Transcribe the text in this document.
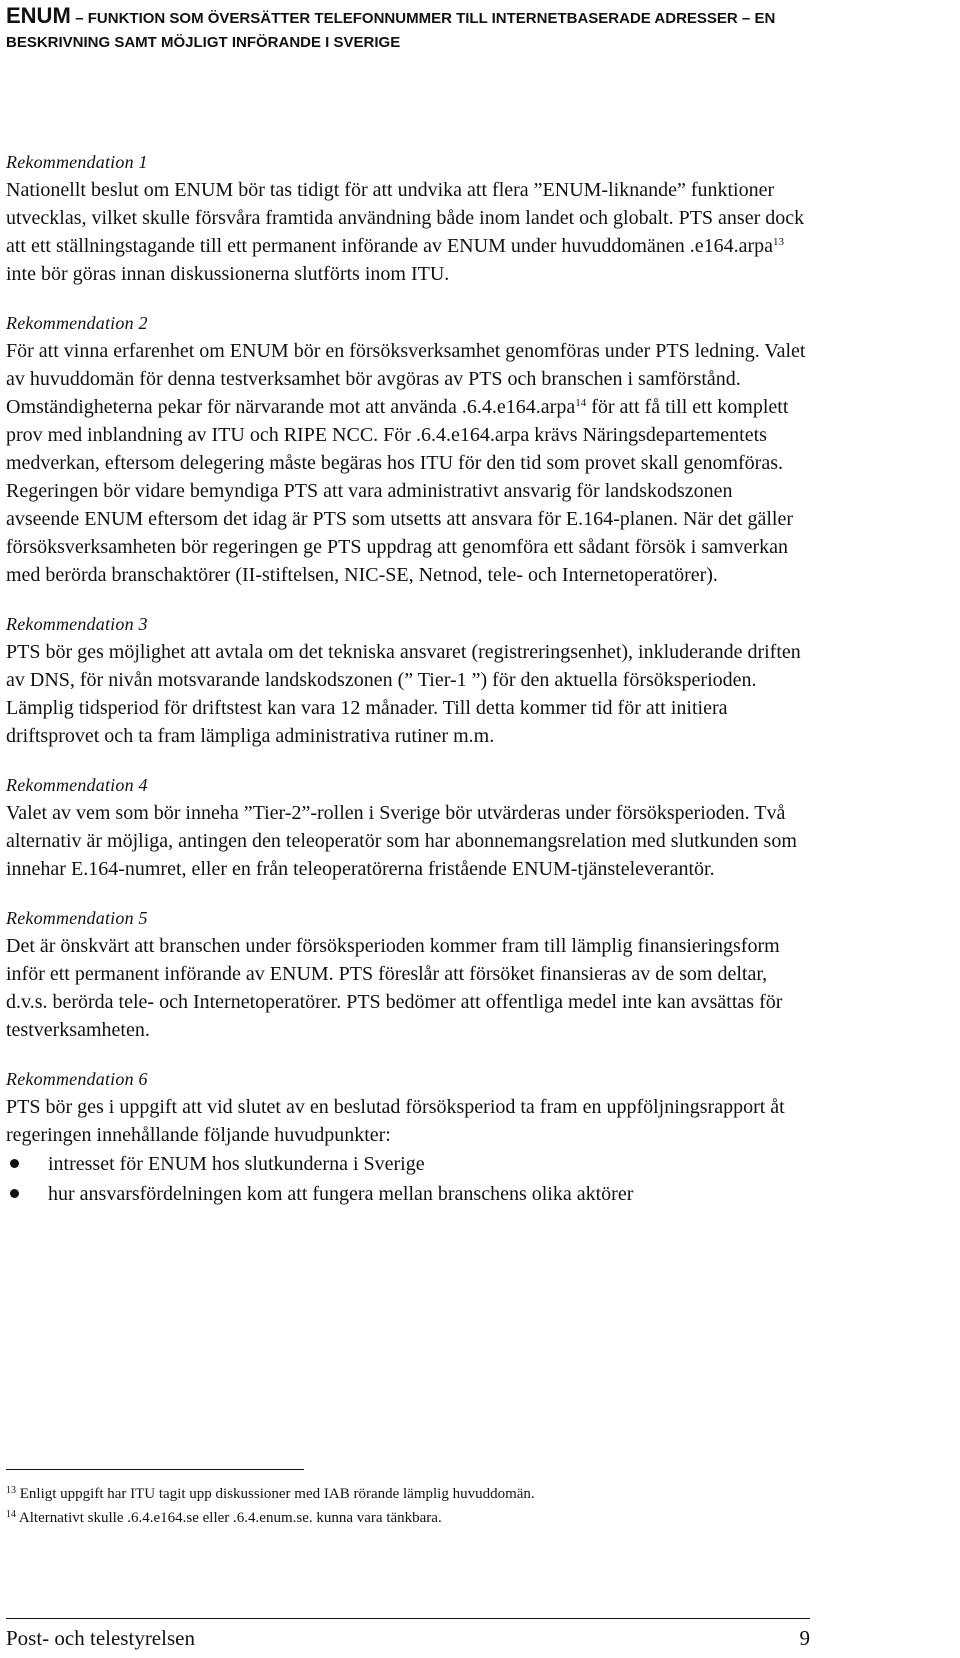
ENUM – FUNKTION SOM ÖVERSÄTTER TELEFONNUMMER TILL INTERNETBASERADE ADRESSER – EN
BESKRIVNING SAMT MÖJLIGT INFÖRANDE I SVERIGE
Rekommendation 1
Nationellt beslut om ENUM bör tas tidigt för att undvika att flera ”ENUM-liknande” funktioner utvecklas, vilket skulle försvåra framtida användning både inom landet och globalt. PTS anser dock att ett ställningstagande till ett permanent införande av ENUM under huvuddomänen .e164.arpa$^{13}$ inte bör göras innan diskussionerna slutförts inom ITU.
Rekommendation 2
För att vinna erfarenhet om ENUM bör en försöksverksamhet genomföras under PTS ledning. Valet av huvuddomän för denna testverksamhet bör avgöras av PTS och branschen i samförstånd. Omständigheterna pekar för närvarande mot att använda .6.4.e164.arpa$^{14}$ för att få till ett komplett prov med inblandning av ITU och RIPE NCC. För .6.4.e164.arpa krävs Näringsdepartementets medverkan, eftersom delegering måste begäras hos ITU för den tid som provet skall genomföras. Regeringen bör vidare bemyndiga PTS att vara administrativt ansvarig för landskodszonen avseende ENUM eftersom det idag är PTS som utsetts att ansvara för E.164-planen. När det gäller försöksverksamheten bör regeringen ge PTS uppdrag att genomföra ett sådant försök i samverkan med berörda branschaktörer (II-stiftelsen, NIC-SE, Netnod, tele- och Internetoperatörer).
Rekommendation 3
PTS bör ges möjlighet att avtala om det tekniska ansvaret (registreringsenhet), inkluderande driften av DNS, för nivån motsvarande landskodszonen (” Tier-1 ”) för den aktuella försöksperioden. Lämplig tidsperiod för driftstest kan vara 12 månader. Till detta kommer tid för att initiera driftsprovet och ta fram lämpliga administrativa rutiner m.m.
Rekommendation 4
Valet av vem som bör inneha ”Tier-2”-rollen i Sverige bör utvärderas under försöksperioden. Två alternativ är möjliga, antingen den teleoperatör som har abonnemangsrelation med slutkunden som innehar E.164-numret, eller en från teleoperatörerna fristående ENUM-tjänsteleverantör.
Rekommendation 5
Det är önskvärt att branschen under försöksperioden kommer fram till lämplig finansieringsform inför ett permanent införande av ENUM. PTS föreslår att försöket finansieras av de som deltar, d.v.s. berörda tele- och Internetoperatörer. PTS bedömer att offentliga medel inte kan avsättas för testverksamheten.
Rekommendation 6
PTS bör ges i uppgift att vid slutet av en beslutad försöksperiod ta fram en uppföljningsrapport åt regeringen innehållande följande huvudpunkter:
intresset för ENUM hos slutkunderna i Sverige
hur ansvarsfördelningen kom att fungera mellan branschens olika aktörer
$^{13}$ Enligt uppgift har ITU tagit upp diskussioner med IAB rörande lämplig huvuddomän.
$^{14}$ Alternativt skulle .6.4.e164.se eller .6.4.enum.se. kunna vara tänkbara.
Post- och telestyrelsen	9
